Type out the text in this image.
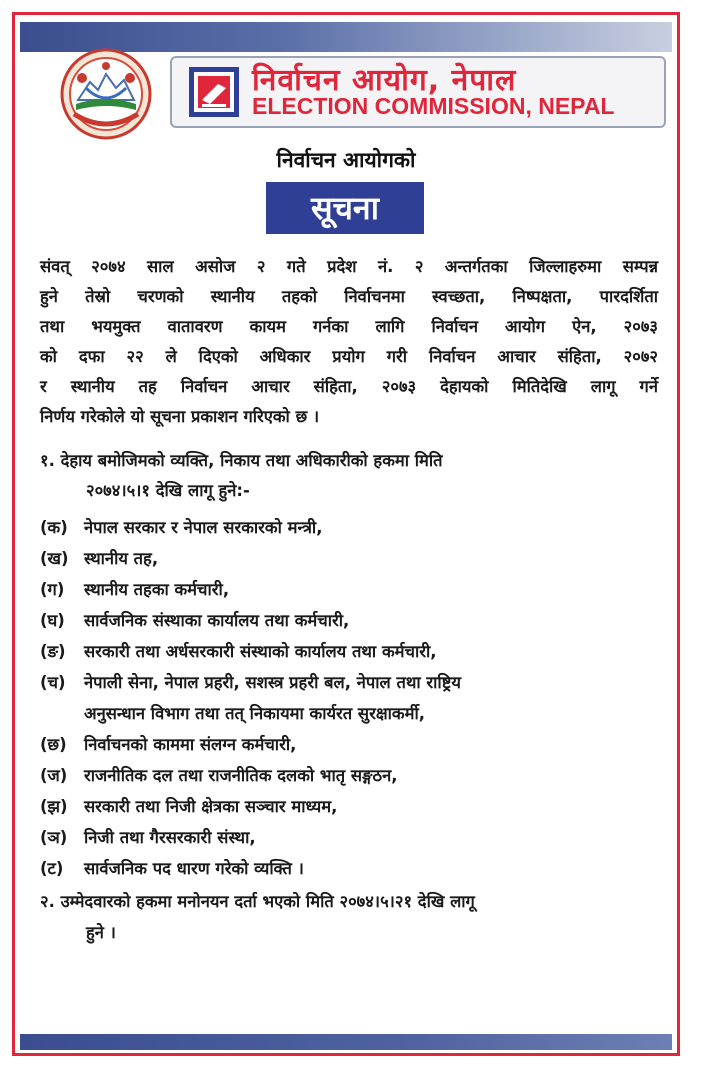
निर्वाचन आयोग, नेपाल
ELECTION COMMISSION, NEPAL
निर्वाचन आयोगको
सूचना
संवत् २०७४ साल असोज २ गते प्रदेश नं. २ अन्तर्गतका जिल्लाहरुमा सम्पन्न
हुने तेस्रो चरणको स्थानीय तहको निर्वाचनमा स्वच्छता, निष्पक्षता, पारदर्शिता
तथा भयमुक्त वातावरण कायम गर्नका लागि निर्वाचन आयोग ऐन, २०७३
को दफा २२ ले दिएको अधिकार प्रयोग गरी निर्वाचन आचार संहिता, २०७२
र स्थानीय तह निर्वाचन आचार संहिता, २०७३ देहायको मितिदेखि लागू गर्ने
निर्णय गरेकोले यो सूचना प्रकाशन गरिएको छ ।
१. देहाय बमोजिमको व्यक्ति, निकाय तथा अधिकारीको हकमा मिति
२०७४।५।१ देखि लागू हुने:-
(क) नेपाल सरकार र नेपाल सरकारको मन्त्री,
(ख) स्थानीय तह,
(ग)	स्थानीय तहका कर्मचारी,
(घ)	सार्वजनिक संस्थाका कार्यालय तथा कर्मचारी,
(ङ)	सरकारी तथा अर्धसरकारी संस्थाको कार्यालय तथा कर्मचारी,
(च)	नेपाली सेना, नेपाल प्रहरी, सशस्त्र प्रहरी बल, नेपाल तथा राष्ट्रिय
अनुसन्धान विभाग तथा तत् निकायमा कार्यरत सुरक्षाकर्मी,
(छ)	निर्वाचनको काममा संलग्न कर्मचारी,
(ज)	राजनीतिक दल तथा राजनीतिक दलको भातृ सङ्गठन,
(झ) सरकारी तथा निजी क्षेत्रका सञ्चार माध्यम,
(ञ)	निजी तथा गैरसरकारी संस्था,
(ट)	सार्वजनिक पद धारण गरेको व्यक्ति ।
२. उम्मेदवारको हकमा मनोनयन दर्ता भएको मिति २०७४।५।२१ देखि लागू
हुने ।
